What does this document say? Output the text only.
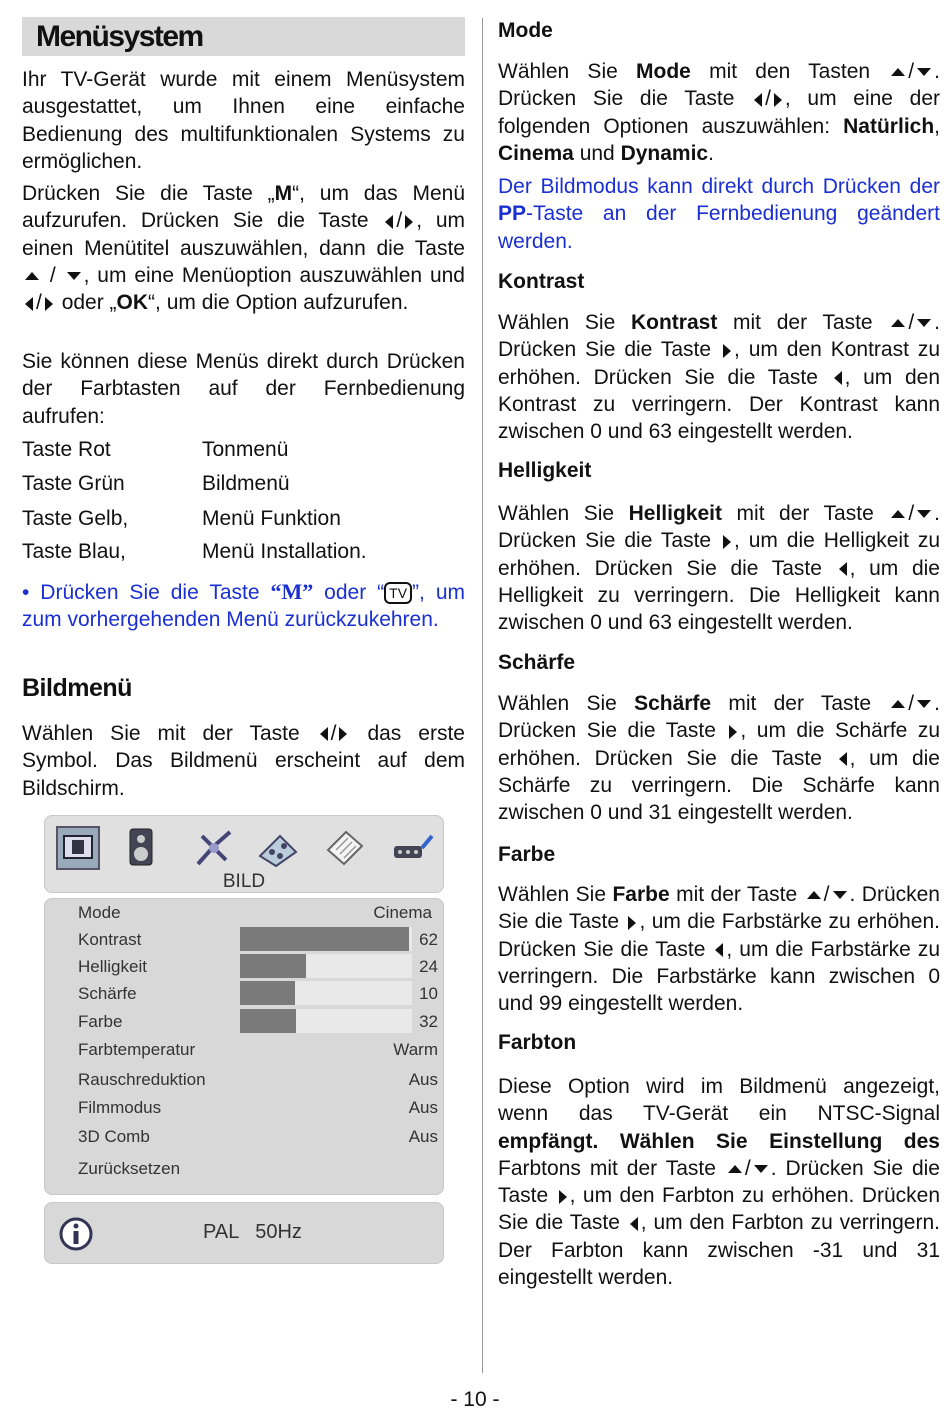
Menüsystem
Ihr TV-Gerät wurde mit einem Menüsystem ausgestattet, um Ihnen eine einfache Bedienung des multifunktionalen Systems zu ermöglichen.
Drücken Sie die Taste „M“, um das Menü aufzurufen. Drücken Sie die Taste / , um einen Menütitel auszuwählen, dann die Taste  / , um eine Menüoption auszuwählen und / oder „OK“, um die Option aufzurufen.
Sie können diese Menüs direkt durch Drücken der Farbtasten auf der Fernbedienung aufrufen:
Taste Rot	Tonmenü
Taste Grün	Bildmenü
Taste Gelb,	Menü Funktion
Taste Blau,	Menü Installation.
• Drücken Sie die Taste “M” oder “ TV ”, um zum vorhergehenden Menü zurückzukehren.
Bildmenü
Wählen Sie mit der Taste / das erste Symbol. Das Bildmenü erscheint auf dem Bildschirm.
BILD
Mode	Cinema
Kontrast	62
Helligkeit	24
Schärfe	10
Farbe	32
Farbtemperatur	Warm
Rauschreduktion	Aus
Filmmodus	Aus
3D Comb	Aus
Zurücksetzen
PAL   50Hz
Mode
Wählen Sie Mode mit den Tasten / . Drücken Sie die Taste / , um eine der folgenden Optionen auszuwählen: Natürlich, Cinema und Dynamic.
Der Bildmodus kann direkt durch Drücken der PP-Taste an der Fernbedienung geändert werden.
Kontrast
Wählen Sie Kontrast mit der Taste / . Drücken Sie die Taste , um den Kontrast zu erhöhen. Drücken Sie die Taste , um den Kontrast zu verringern. Der Kontrast kann zwischen 0 und 63 eingestellt werden.
Helligkeit
Wählen Sie Helligkeit mit der Taste / . Drücken Sie die Taste , um die Helligkeit zu erhöhen. Drücken Sie die Taste , um die Helligkeit zu verringern. Die Helligkeit kann zwischen 0 und 63 eingestellt werden.
Schärfe
Wählen Sie Schärfe mit der Taste / . Drücken Sie die Taste , um die Schärfe zu erhöhen. Drücken Sie die Taste , um die Schärfe zu verringern. Die Schärfe kann zwischen 0 und 31 eingestellt werden.
Farbe
Wählen Sie Farbe mit der Taste / . Drücken Sie die Taste , um die Farbstärke zu erhöhen. Drücken Sie die Taste , um die Farbstärke zu verringern. Die Farbstärke kann zwischen 0 und 99 eingestellt werden.
Farbton
Diese Option wird im Bildmenü angezeigt, wenn das TV-Gerät ein NTSC-Signal empfängt. Wählen Sie Einstellung des Farbtons mit der Taste / . Drücken Sie die Taste , um den Farbton zu erhöhen. Drücken Sie die Taste , um den Farbton zu verringern. Der Farbton kann zwischen -31 und 31 eingestellt werden.
- 10 -
